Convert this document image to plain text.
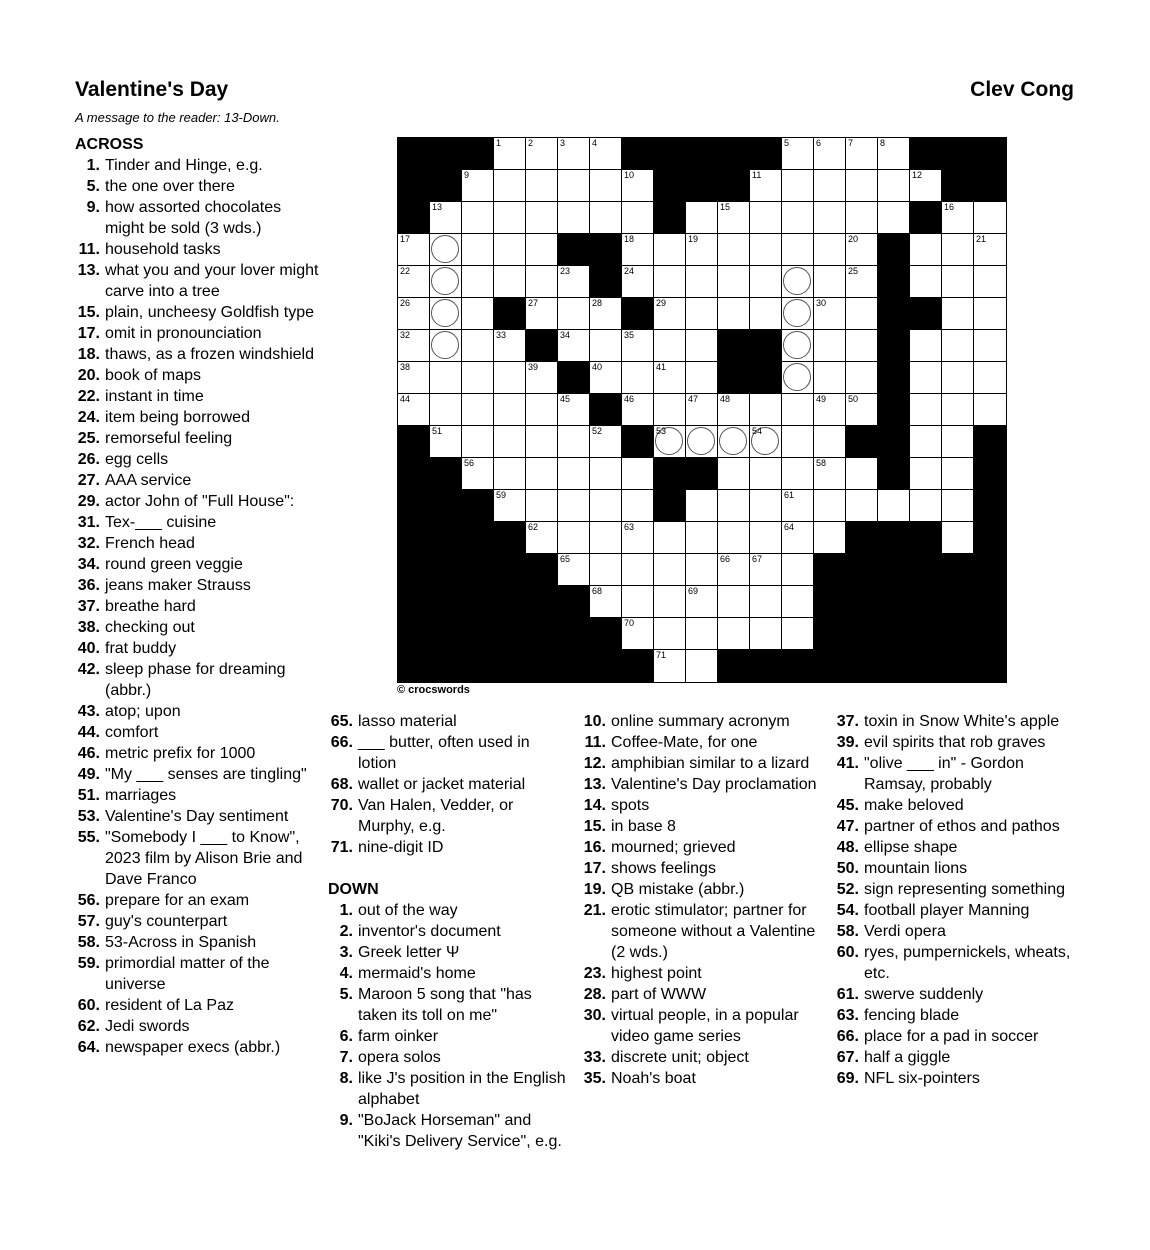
Valentine's Day	Clev Cong
A message to the reader: 13-Down.
ACROSS
1. Tinder and Hinge, e.g.
5. the one over there
9. how assorted chocolates might be sold (3 wds.)
11. household tasks
13. what you and your lover might carve into a tree
15. plain, uncheesy Goldfish type
17. omit in pronounciation
18. thaws, as a frozen windshield
20. book of maps
22. instant in time
24. item being borrowed
25. remorseful feeling
26. egg cells
27. AAA service
29. actor John of "Full House":
31. Tex-___ cuisine
32. French head
34. round green veggie
36. jeans maker Strauss
37. breathe hard
38. checking out
40. frat buddy
42. sleep phase for dreaming (abbr.)
43. atop; upon
44. comfort
46. metric prefix for 1000
49. "My ___ senses are tingling"
51. marriages
53. Valentine's Day sentiment
55. "Somebody I ___ to Know", 2023 film by Alison Brie and Dave Franco
56. prepare for an exam
57. guy's counterpart
58. 53-Across in Spanish
59. primordial matter of the universe
60. resident of La Paz
62. Jedi swords
64. newspaper execs (abbr.)
65. lasso material
66. ___ butter, often used in lotion
68. wallet or jacket material
70. Van Halen, Vedder, or Murphy, e.g.
71. nine-digit ID
DOWN
1. out of the way
2. inventor's document
3. Greek letter Ψ
4. mermaid's home
5. Maroon 5 song that "has taken its toll on me"
6. farm oinker
7. opera solos
8. like J's position in the English alphabet
9. "BoJack Horseman" and "Kiki's Delivery Service", e.g.
10. online summary acronym
11. Coffee-Mate, for one
12. amphibian similar to a lizard
13. Valentine's Day proclamation
14. spots
15. in base 8
16. mourned; grieved
17. shows feelings
19. QB mistake (abbr.)
21. erotic stimulator; partner for someone without a Valentine (2 wds.)
23. highest point
28. part of WWW
30. virtual people, in a popular video game series
33. discrete unit; object
35. Noah's boat
37. toxin in Snow White's apple
39. evil spirits that rob graves
41. "olive ___ in" - Gordon Ramsay, probably
45. make beloved
47. partner of ethos and pathos
48. ellipse shape
50. mountain lions
52. sign representing something
54. football player Manning
58. Verdi opera
60. ryes, pumpernickels, wheats, etc.
61. swerve suddenly
63. fencing blade
66. place for a pad in soccer
67. half a giggle
69. NFL six-pointers
1	2	3	4	5	6	7	8
9	10	11	12
13	14	15	16
17	18	19	20	21
22	23	24	25
26	27	28	29	30	31
32	33	34	35	36	37
38	39	40	41	42	43
44	45	46	47 48	49 50
51	52	53	54	55
56	57	58
59	60	61
62	63	64
65	66 67
68	69
70
71
© crocswords
